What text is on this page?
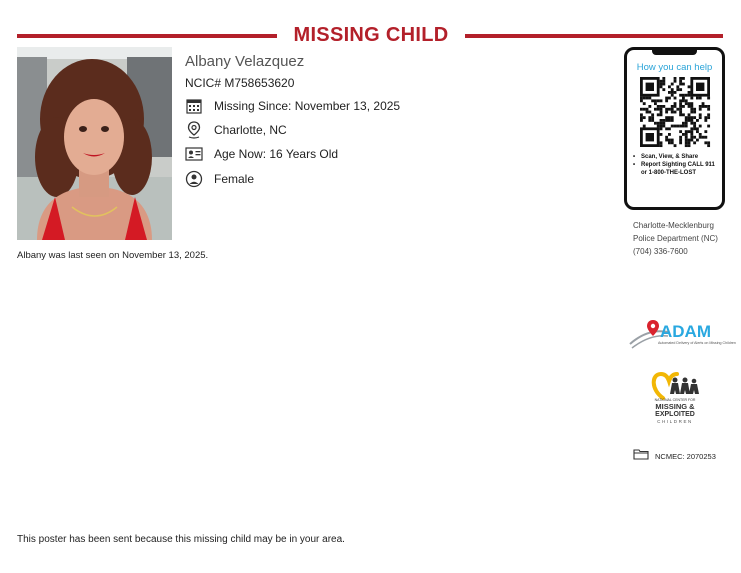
MISSING CHILD
Albany Velazquez
NCIC# M758653620
Missing Since: November 13, 2025
Charlotte, NC
Age Now: 16 Years Old
Female
Albany was last seen on November 13, 2025.
How you can help
• Scan, View, & Share
• Report Sighting CALL 911 or 1-800-THE-LOST
Charlotte-Mecklenburg Police Department (NC)
(704) 336-7600
ADAM
Automated Delivery of Alerts on Missing Children
NATIONAL CENTER FOR
MISSING &
EXPLOITED
CHILDREN
NCMEC: 2070253
This poster has been sent because this missing child may be in your area.
